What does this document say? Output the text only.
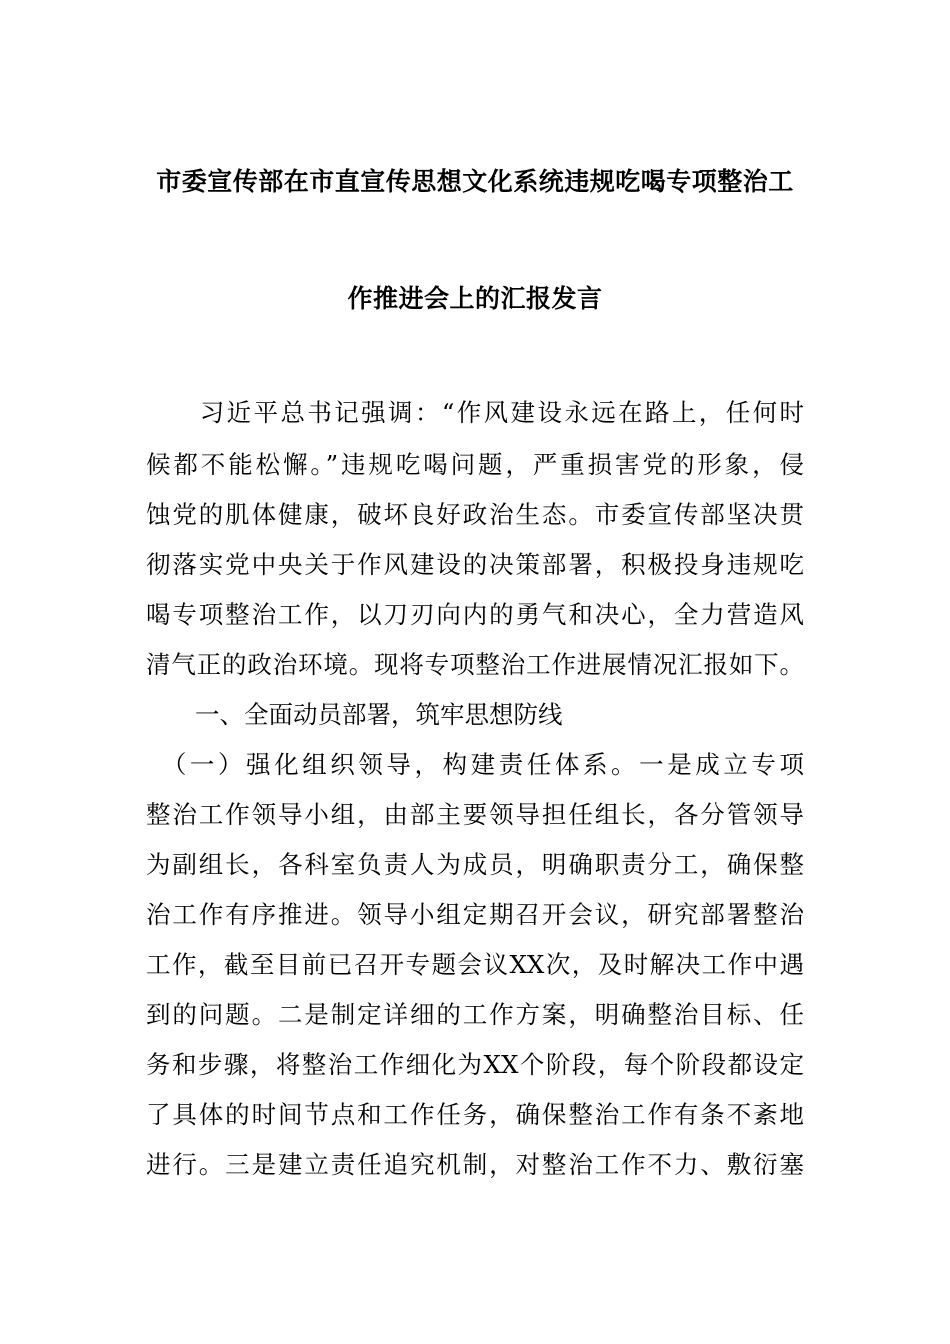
市委宣传部在市直宣传思想文化系统违规吃喝专项整治工
作推进会上的汇报发言
　　习近平总书记强调：“作风建设永远在路上，任何时
候都不能松懈。”违规吃喝问题，严重损害党的形象，侵
蚀党的肌体健康，破坏良好政治生态。市委宣传部坚决贯
彻落实党中央关于作风建设的决策部署，积极投身违规吃
喝专项整治工作，以刀刃向内的勇气和决心，全力营造风
清气正的政治环境。现将专项整治工作进展情况汇报如下。
　　一、全面动员部署，筑牢思想防线
　（一）强化组织领导，构建责任体系。一是成立专项
整治工作领导小组，由部主要领导担任组长，各分管领导
为副组长，各科室负责人为成员，明确职责分工，确保整
治工作有序推进。领导小组定期召开会议，研究部署整治
工作，截至目前已召开专题会议XX次，及时解决工作中遇
到的问题。二是制定详细的工作方案，明确整治目标、任
务和步骤，将整治工作细化为XX个阶段，每个阶段都设定
了具体的时间节点和工作任务，确保整治工作有条不紊地
进行。三是建立责任追究机制，对整治工作不力、敷衍塞
